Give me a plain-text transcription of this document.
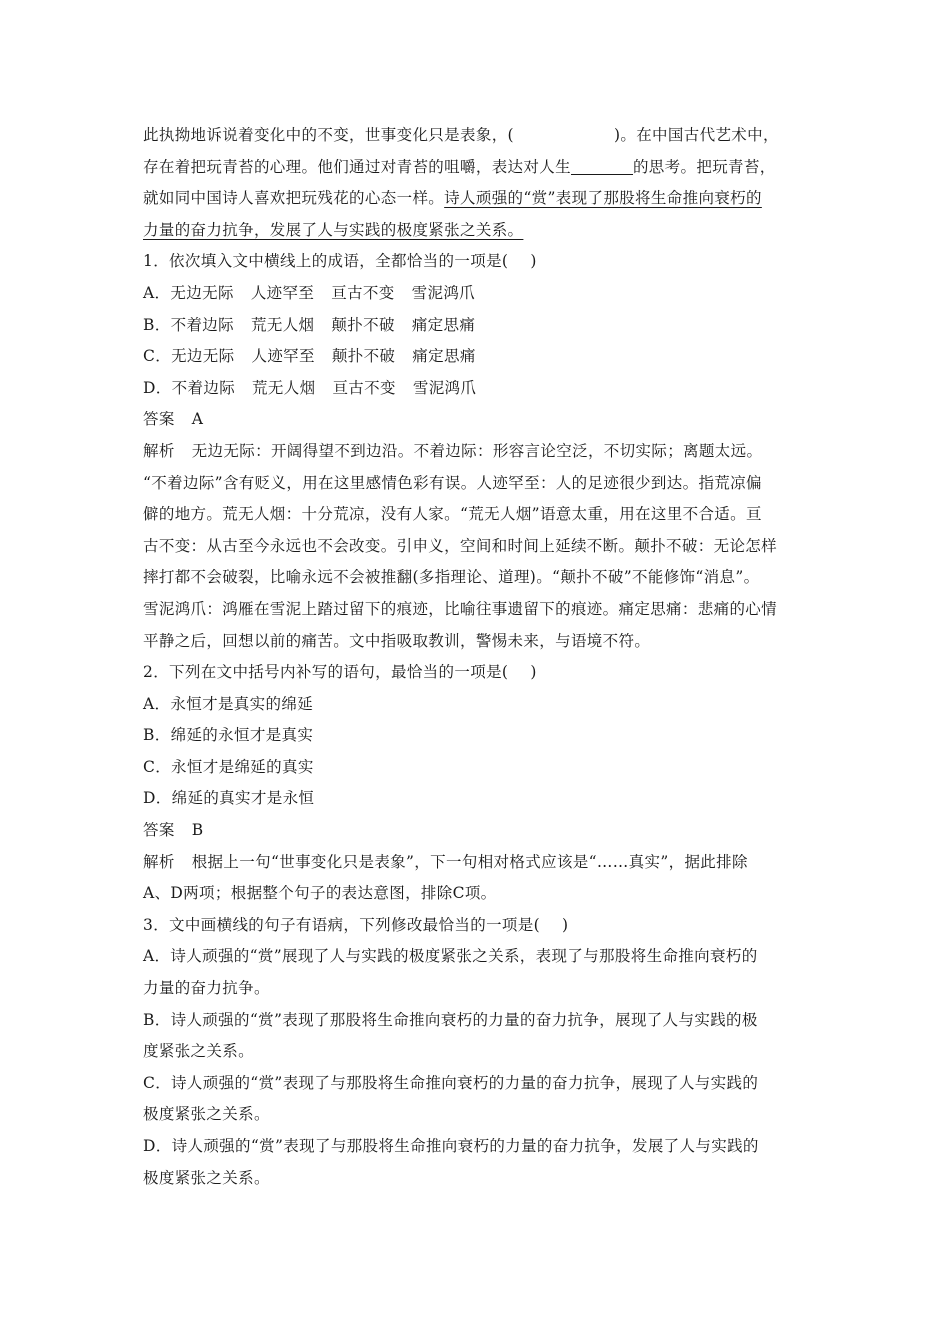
此执拗地诉说着变化中的不变，世事变化只是表象，(	)。在中国古代艺术中，
存在着把玩青苔的心理。他们通过对青苔的咀嚼，表达对人生	的思考。把玩青苔，
就如同中国诗人喜欢把玩残花的心态一样。诗人顽强的“赏”表现了那股将生命推向衰朽的
力量的奋力抗争，发展了人与实践的极度紧张之关系。
1．依次填入文中横线上的成语，全都恰当的一项是( )
A．无边无际 人迹罕至 亘古不变 雪泥鸿爪
B．不着边际 荒无人烟 颠扑不破 痛定思痛
C．无边无际 人迹罕至 颠扑不破 痛定思痛
D．不着边际 荒无人烟 亘古不变 雪泥鸿爪
答案 A
解析 无边无际：开阔得望不到边沿。不着边际：形容言论空泛，不切实际；离题太远。
“不着边际”含有贬义，用在这里感情色彩有误。人迹罕至：人的足迹很少到达。指荒凉偏
僻的地方。荒无人烟：十分荒凉，没有人家。“荒无人烟”语意太重，用在这里不合适。亘
古不变：从古至今永远也不会改变。引申义，空间和时间上延续不断。颠扑不破：无论怎样
摔打都不会破裂，比喻永远不会被推翻(多指理论、道理)。“颠扑不破”不能修饰“消息”。
雪泥鸿爪：鸿雁在雪泥上踏过留下的痕迹，比喻往事遗留下的痕迹。痛定思痛：悲痛的心情
平静之后，回想以前的痛苦。文中指吸取教训，警惕未来，与语境不符。
2．下列在文中括号内补写的语句，最恰当的一项是( )
A．永恒才是真实的绵延
B．绵延的永恒才是真实
C．永恒才是绵延的真实
D．绵延的真实才是永恒
答案 B
解析 根据上一句“世事变化只是表象”，下一句相对格式应该是“……真实”，据此排除
A、D两项；根据整个句子的表达意图，排除C项。
3．文中画横线的句子有语病，下列修改最恰当的一项是( )
A．诗人顽强的“赏”展现了人与实践的极度紧张之关系，表现了与那股将生命推向衰朽的
力量的奋力抗争。
B．诗人顽强的“赏”表现了那股将生命推向衰朽的力量的奋力抗争，展现了人与实践的极
度紧张之关系。
C．诗人顽强的“赏”表现了与那股将生命推向衰朽的力量的奋力抗争，展现了人与实践的
极度紧张之关系。
D．诗人顽强的“赏”表现了与那股将生命推向衰朽的力量的奋力抗争，发展了人与实践的
极度紧张之关系。
